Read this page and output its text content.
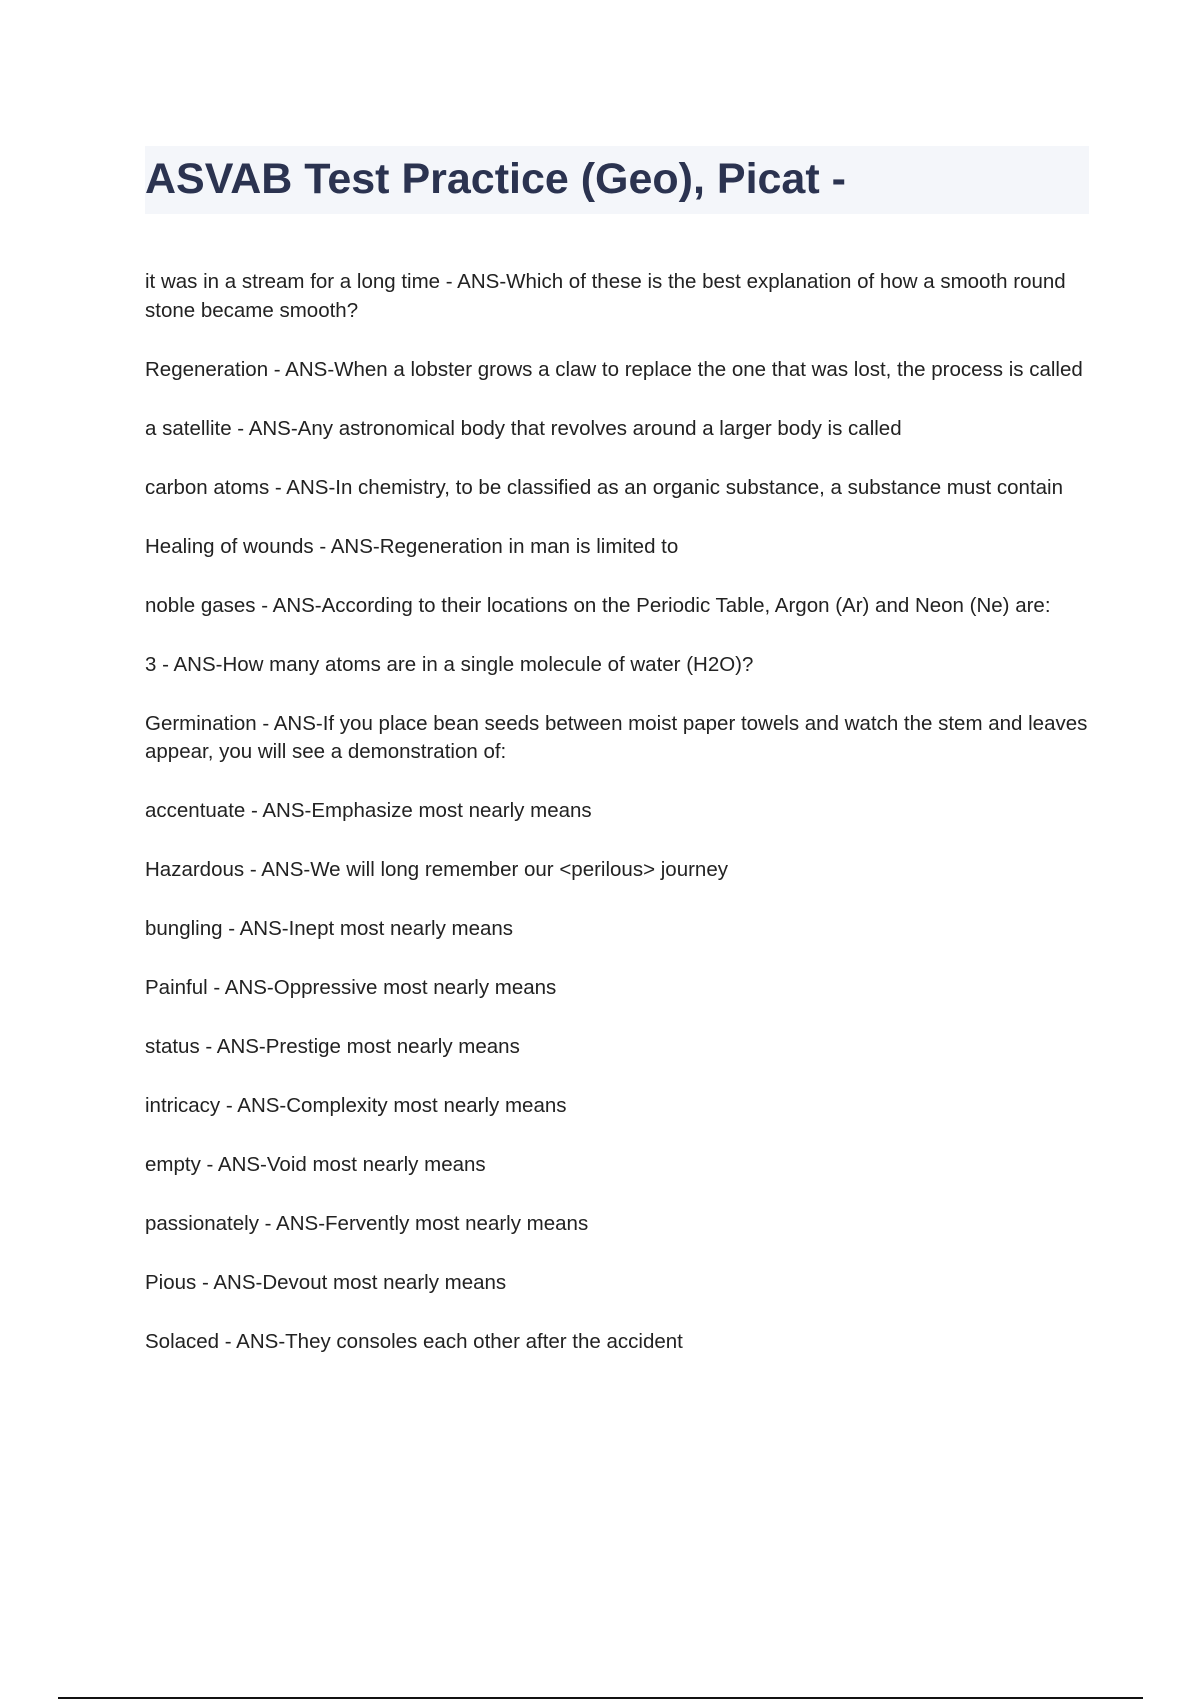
ASVAB Test Practice (Geo), Picat -
it was in a stream for a long time - ANS-Which of these is the best explanation of how a smooth round stone became smooth?
Regeneration - ANS-When a lobster grows a claw to replace the one that was lost, the process is called
a satellite - ANS-Any astronomical body that revolves around a larger body is called
carbon atoms - ANS-In chemistry, to be classified as an organic substance, a substance must contain
Healing of wounds - ANS-Regeneration in man is limited to
noble gases - ANS-According to their locations on the Periodic Table, Argon (Ar) and Neon (Ne) are:
3 - ANS-How many atoms are in a single molecule of water (H2O)?
Germination - ANS-If you place bean seeds between moist paper towels and watch the stem and leaves appear, you will see a demonstration of:
accentuate - ANS-Emphasize most nearly means
Hazardous - ANS-We will long remember our <perilous> journey
bungling - ANS-Inept most nearly means
Painful - ANS-Oppressive most nearly means
status - ANS-Prestige most nearly means
intricacy - ANS-Complexity most nearly means
empty - ANS-Void most nearly means
passionately - ANS-Fervently most nearly means
Pious - ANS-Devout most nearly means
Solaced - ANS-They consoles each other after the accident
